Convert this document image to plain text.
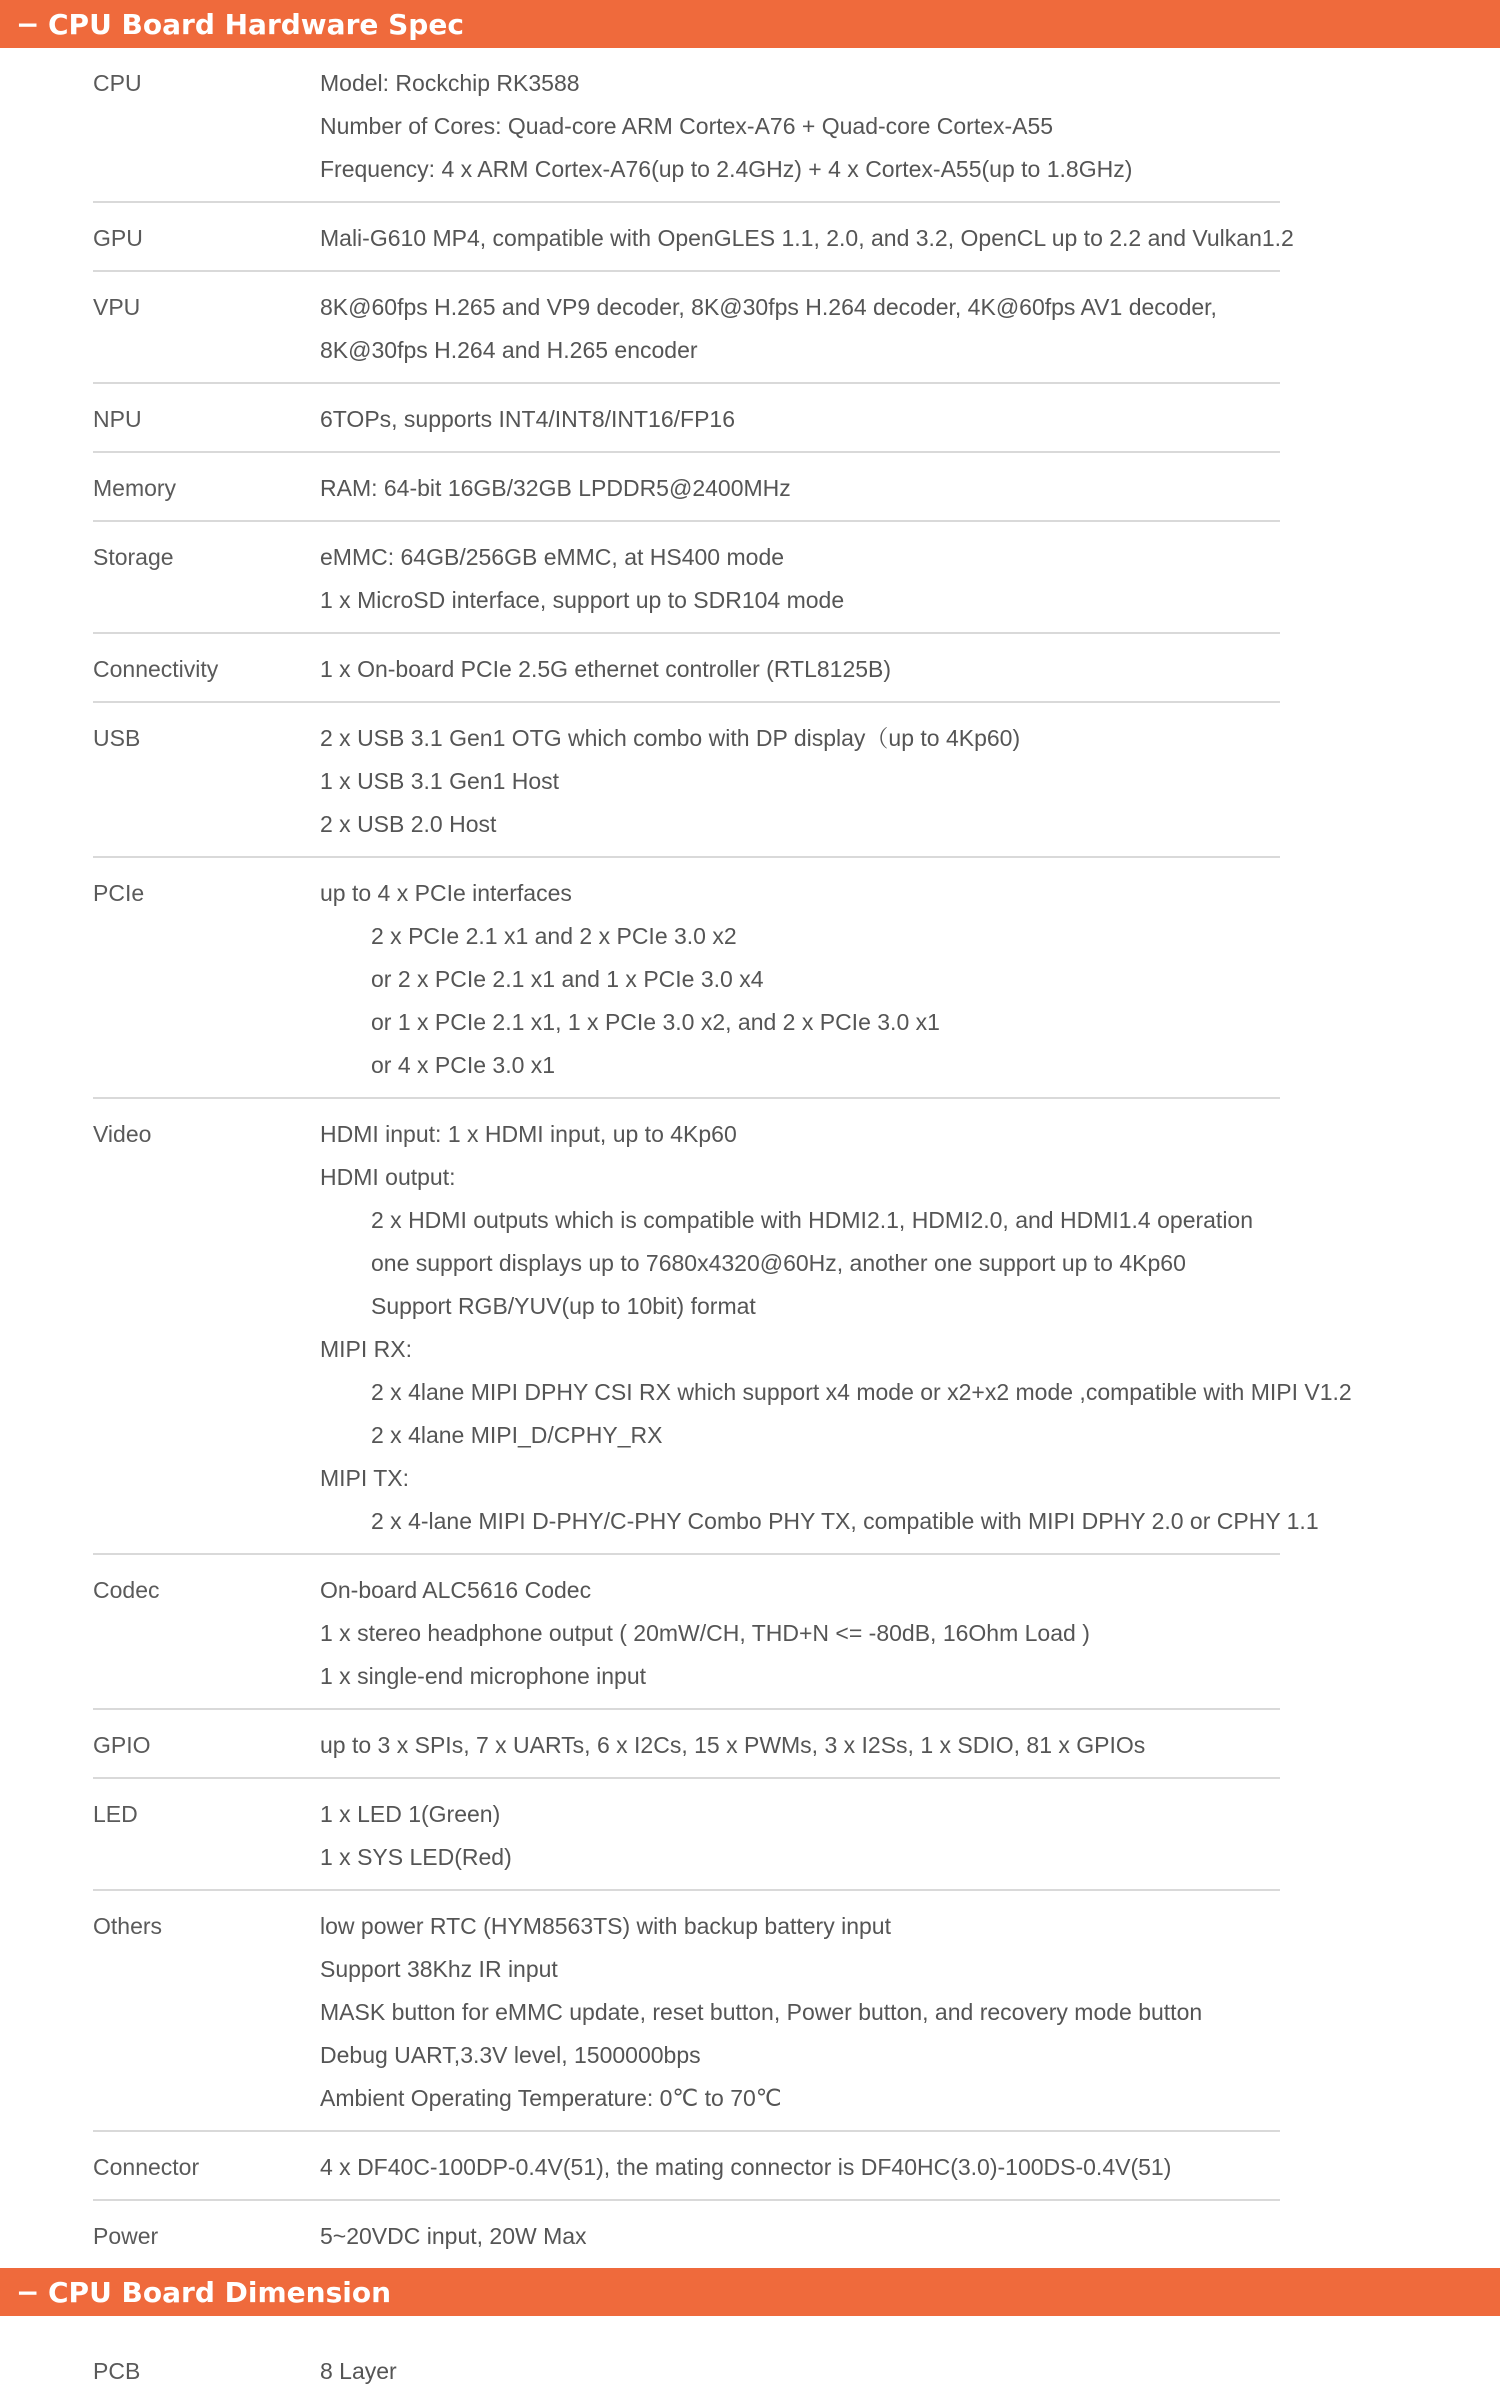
− CPU Board Hardware Spec
CPU	Model: Rockchip RK3588
Number of Cores: Quad-core ARM Cortex-A76 + Quad-core Cortex-A55
Frequency: 4 x ARM Cortex-A76(up to 2.4GHz) + 4 x Cortex-A55(up to 1.8GHz)
GPU	Mali-G610 MP4, compatible with OpenGLES 1.1, 2.0, and 3.2, OpenCL up to 2.2 and Vulkan1.2
VPU	8K@60fps H.265 and VP9 decoder, 8K@30fps H.264 decoder, 4K@60fps AV1 decoder,
8K@30fps H.264 and H.265 encoder
NPU	6TOPs, supports INT4/INT8/INT16/FP16
Memory	RAM: 64-bit 16GB/32GB LPDDR5@2400MHz
Storage	eMMC: 64GB/256GB eMMC, at HS400 mode
1 x MicroSD interface, support up to SDR104 mode
Connectivity	1 x On-board PCIe 2.5G ethernet controller (RTL8125B)
USB	2 x USB 3.1 Gen1 OTG which combo with DP display（up to 4Kp60)
1 x USB 3.1 Gen1 Host
2 x USB 2.0 Host
PCIe	up to 4 x PCIe interfaces
2 x PCIe 2.1 x1 and 2 x PCIe 3.0 x2
or 2 x PCIe 2.1 x1 and 1 x PCIe 3.0 x4
or 1 x PCIe 2.1 x1, 1 x PCIe 3.0 x2, and 2 x PCIe 3.0 x1
or 4 x PCIe 3.0 x1
Video	HDMI input: 1 x HDMI input, up to 4Kp60
HDMI output:
2 x HDMI outputs which is compatible with HDMI2.1, HDMI2.0, and HDMI1.4 operation
one support displays up to 7680x4320@60Hz, another one support up to 4Kp60
Support RGB/YUV(up to 10bit) format
MIPI RX:
2 x 4lane MIPI DPHY CSI RX which support x4 mode or x2+x2 mode ,compatible with MIPI V1.2
2 x 4lane MIPI_D/CPHY_RX
MIPI TX:
2 x 4-lane MIPI D-PHY/C-PHY Combo PHY TX, compatible with MIPI DPHY 2.0 or CPHY 1.1
Codec	On-board ALC5616 Codec
1 x stereo headphone output ( 20mW/CH, THD+N <= -80dB, 16Ohm Load )
1 x single-end microphone input
GPIO	up to 3 x SPIs, 7 x UARTs, 6 x I2Cs, 15 x PWMs, 3 x I2Ss, 1 x SDIO, 81 x GPIOs
LED	1 x LED 1(Green)
1 x SYS LED(Red)
Others	low power RTC (HYM8563TS) with backup battery input
Support 38Khz IR input
MASK button for eMMC update, reset button, Power button, and recovery mode button
Debug UART,3.3V level, 1500000bps
Ambient Operating Temperature: 0℃ to 70℃
Connector	4 x DF40C-100DP-0.4V(51), the mating connector is DF40HC(3.0)-100DS-0.4V(51)
Power	5~20VDC input, 20W Max
− CPU Board Dimension
PCB	8 Layer
